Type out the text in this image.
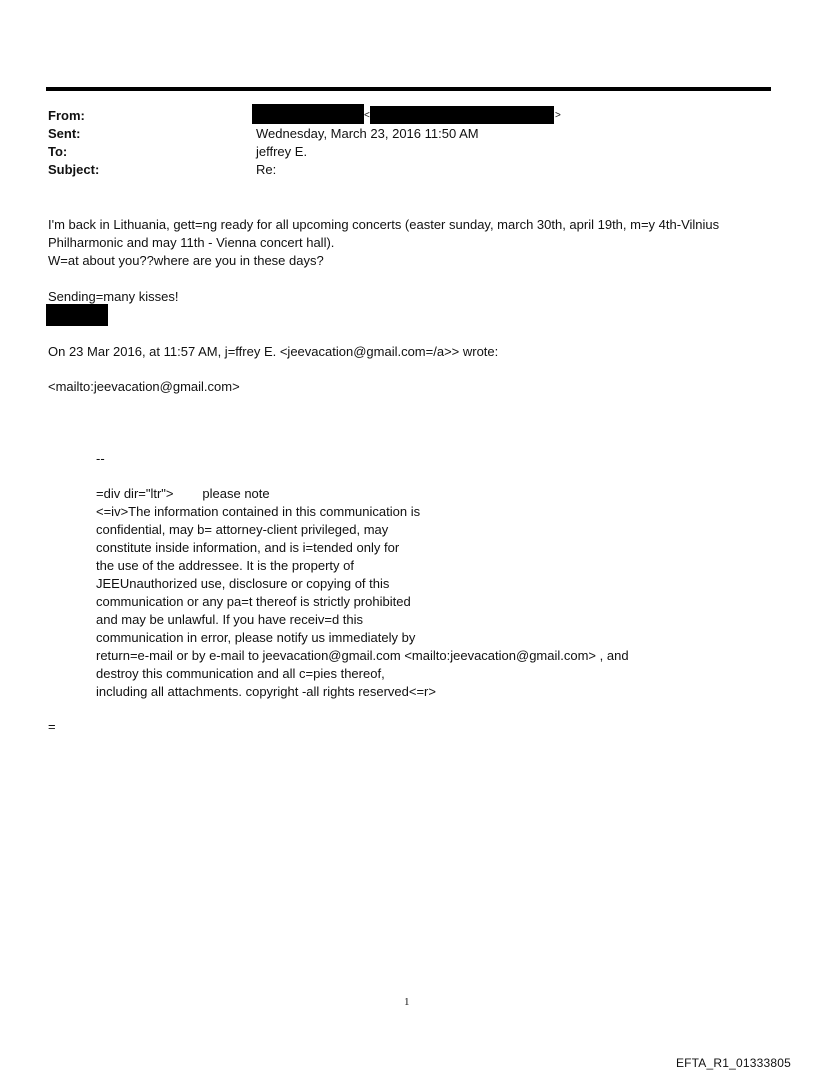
From:	<	>
Sent:	Wednesday, March 23, 2016 11:50 AM
To:	jeffrey E.
Subject:	Re:
I'm back in Lithuania, gett=ng ready for all upcoming concerts (easter sunday, march 30th, april 19th, m=y 4th-Vilnius
Philharmonic and may 11th - Vienna concert hall).
W=at about you??where are you in these days?
Sending=many kisses!
On 23 Mar 2016, at 11:57 AM, j=ffrey E. <jeevacation@gmail.com=/a>> wrote:
<mailto:jeevacation@gmail.com>
--
=div dir="ltr">        please note
<=iv>The information contained in this communication is
confidential, may b= attorney-client privileged, may
constitute inside information, and is i=tended only for
the use of the addressee. It is the property of
JEEUnauthorized use, disclosure or copying of this
communication or any pa=t thereof is strictly prohibited
and may be unlawful. If you have receiv=d this
communication in error, please notify us immediately by
return=e-mail or by e-mail to jeevacation@gmail.com <mailto:jeevacation@gmail.com> , and
destroy this communication and all c=pies thereof,
including all attachments. copyright -all rights reserved<=r>
=
1
EFTA_R1_01333805
